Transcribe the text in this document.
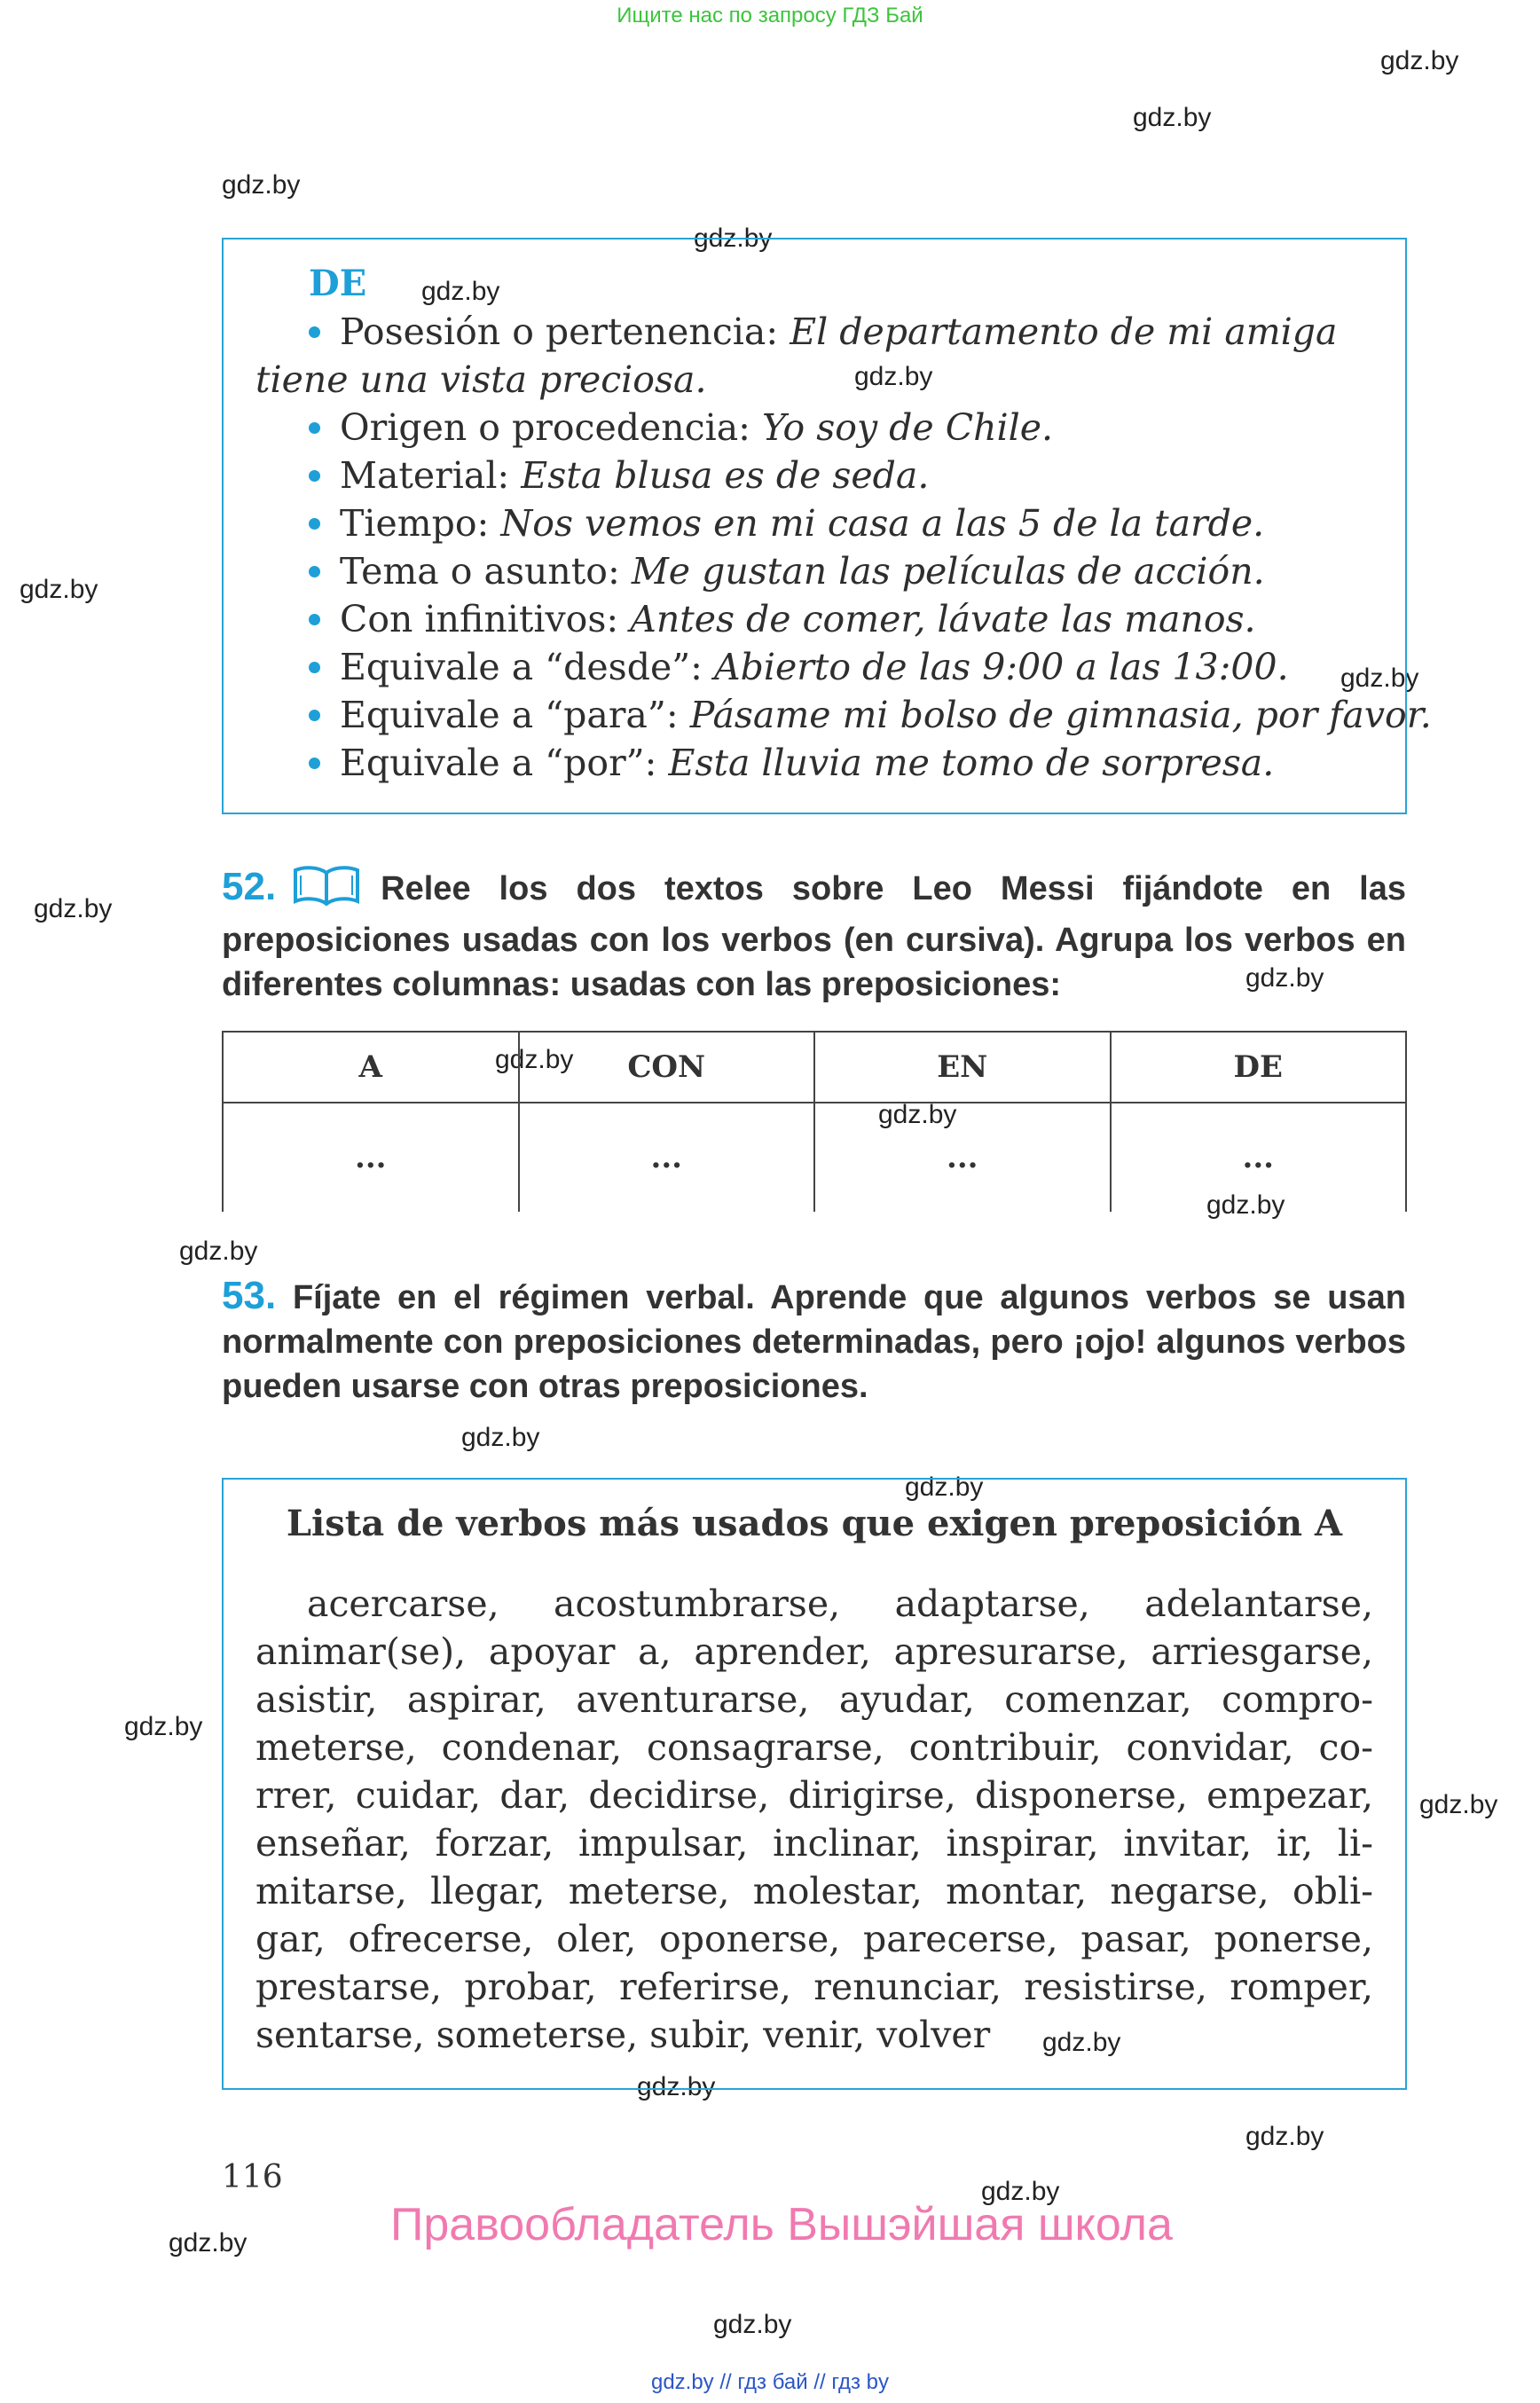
Ищите нас по запросу ГДЗ Бай
gdz.by
gdz.by
gdz.by
gdz.by
gdz.by
gdz.by
gdz.by
gdz.by
gdz.by
gdz.by
gdz.by
gdz.by
gdz.by
gdz.by
gdz.by
gdz.by
gdz.by
gdz.by
gdz.by
gdz.by
gdz.by
gdz.by
gdz.by
gdz.by
DE
Posesión o pertenencia: El departamento de mi amiga
tiene una vista preciosa.
Origen o procedencia: Yo soy de Chile.
Material: Esta blusa es de seda.
Tiempo: Nos vemos en mi casa a las 5 de la tarde.
Tema o asunto: Me gustan las películas de acción.
Con infinitivos: Antes de comer, lávate las manos.
Equivale a “desde”: Abierto de las 9:00 a las 13:00.
Equivale a “para”: Pásame mi bolso de gimnasia, por favor.
Equivale a “por”: Esta lluvia me tomo de sorpresa.
52.	Relee los dos textos sobre Leo Messi fijándote en las preposiciones usadas con los verbos (en cursiva). Agrupa los verbos en diferentes columnas: usadas con las preposiciones:
A	CON	EN	DE
...	...	...	...
53. Fíjate en el régimen verbal. Aprende que algunos verbos se usan normalmente con preposiciones determinadas, pero ¡ojo! algunos verbos pueden usarse con otras preposiciones.
Lista de verbos más usados que exigen preposición A
acercarse, acostumbrarse, adaptarse, adelantarse,
animar(se), apoyar a, aprender, apresurarse, arriesgarse,
asistir, aspirar, aventurarse, ayudar, comenzar, compro-
meterse, condenar, consagrarse, contribuir, convidar, co-
rrer, cuidar, dar, decidirse, dirigirse, disponerse, empezar,
enseñar, forzar, impulsar, inclinar, inspirar, invitar, ir, li-
mitarse, llegar, meterse, molestar, montar, negarse, obli-
gar, ofrecerse, oler, oponerse, parecerse, pasar, ponerse,
prestarse, probar, referirse, renunciar, resistirse, romper,
sentarse, someterse, subir, venir, volver
116
Правообладатель Вышэйшая школа
gdz.by // гдз бай // гдз by
